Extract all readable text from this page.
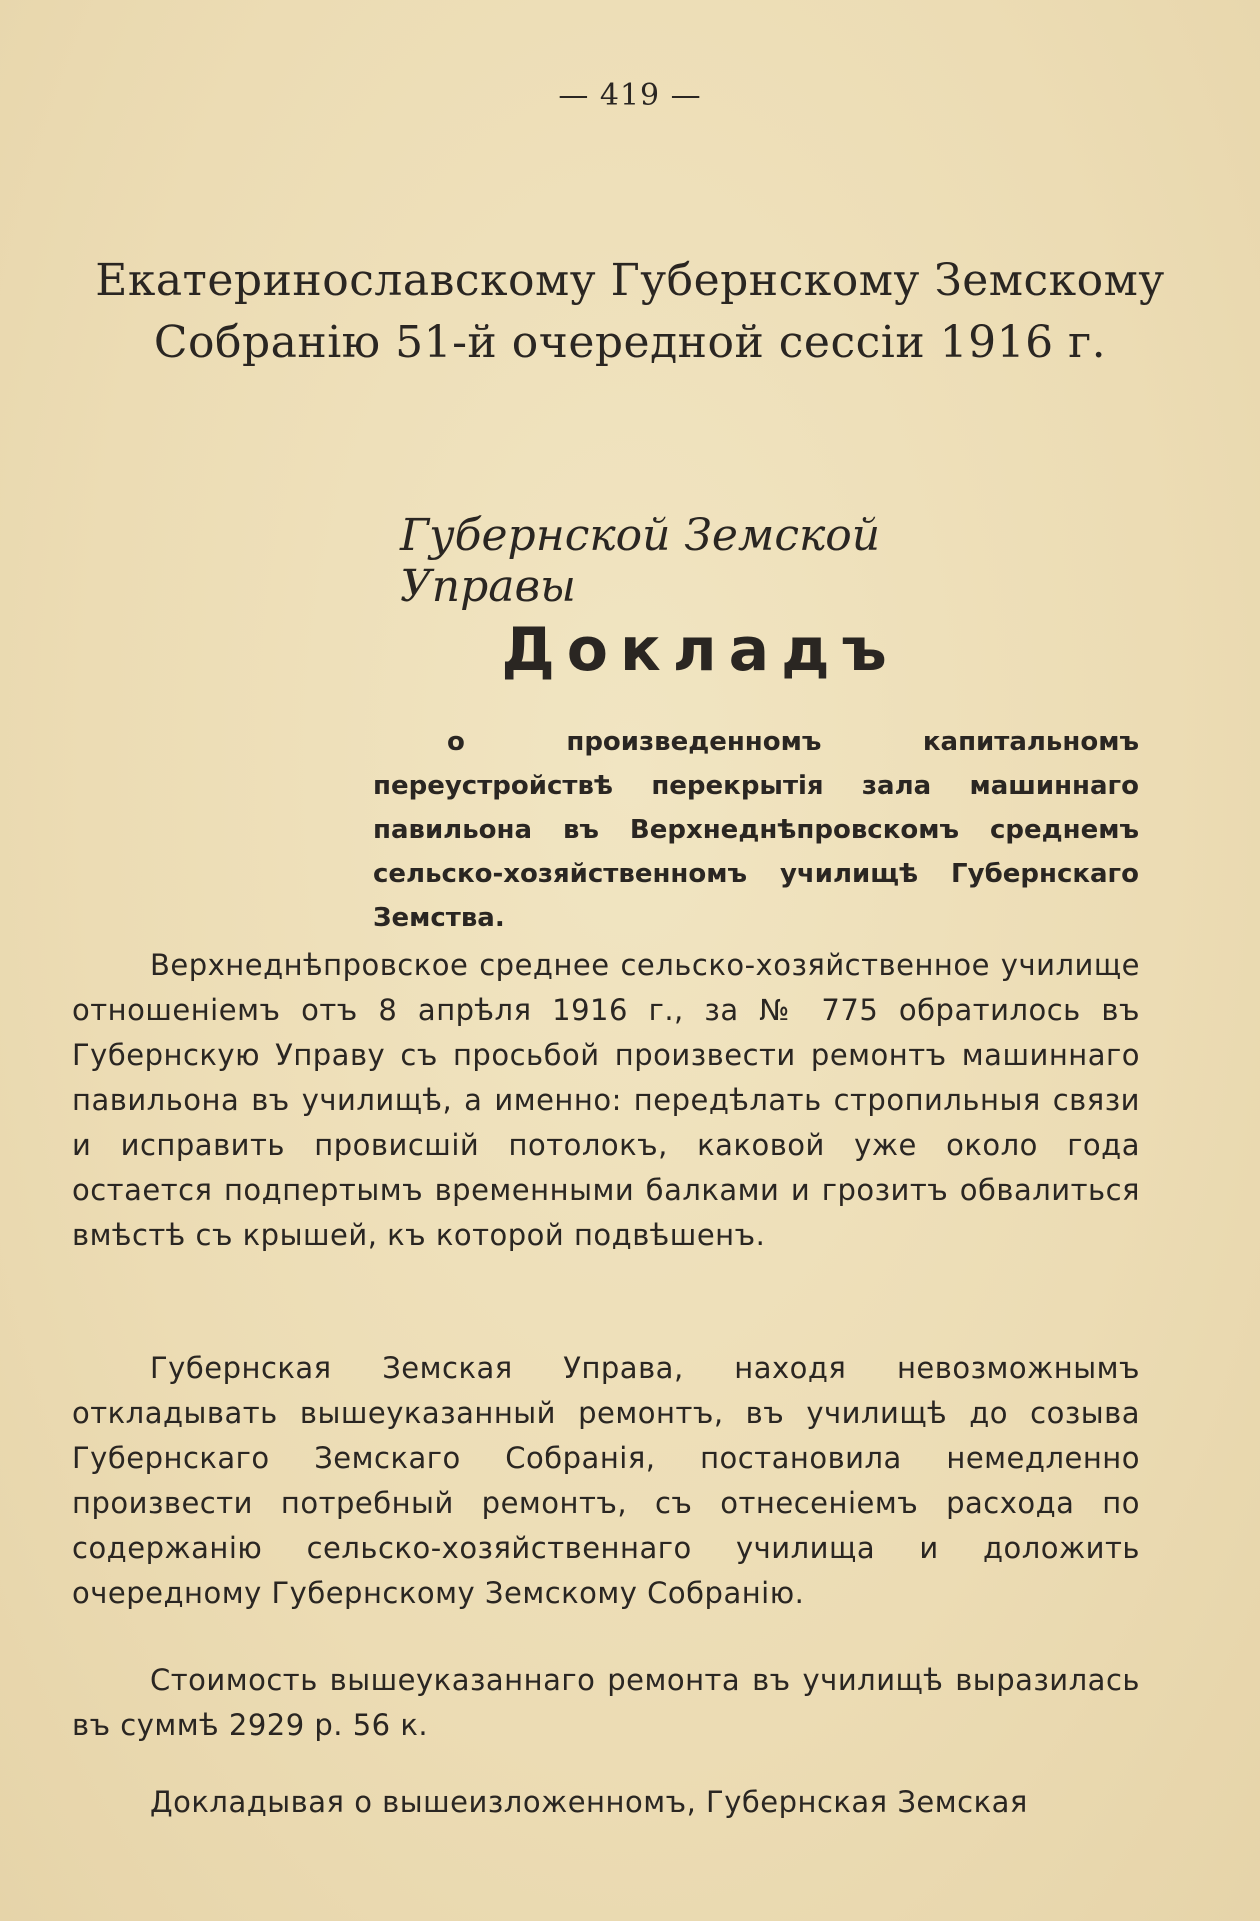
— 419 —
Екатеринославскому Губернскому Земскому
Собранію 51-й очередной сессіи 1916 г.
Губернской Земской Управы
Докладъ
о произведенномъ капитальномъ переустройствѣ перекрытія зала машиннаго павильона въ Верхнеднѣпровскомъ среднемъ сельско-хозяйственномъ училищѣ Губернскаго Земства.

Верхнеднѣпровское среднее сельско-хозяйственное училище отношеніемъ отъ 8 апрѣля 1916 г., за № 775 обратилось въ Губернскую Управу съ просьбой произвести ремонтъ машиннаго павильона въ училищѣ, а именно: передѣлать стропильныя связи и исправить провисшій потолокъ, каковой уже около года остается подпертымъ временными балками и грозитъ обвалиться вмѣстѣ съ крышей, къ которой подвѣшенъ.

Губернская Земская Управа, находя невозможнымъ откладывать вышеуказанный ремонтъ, въ училищѣ до созыва Губернскаго Земскаго Собранія, постановила немедленно произвести потребный ремонтъ, съ отнесеніемъ расхода по содержанію сельско-хозяйственнаго училища и доложить очередному Губернскому Земскому Собранію.

Стоимость вышеуказаннаго ремонта въ училищѣ выразилась въ суммѣ 2929 р. 56 к.

Докладывая о вышеизложенномъ, Губернская Земская
